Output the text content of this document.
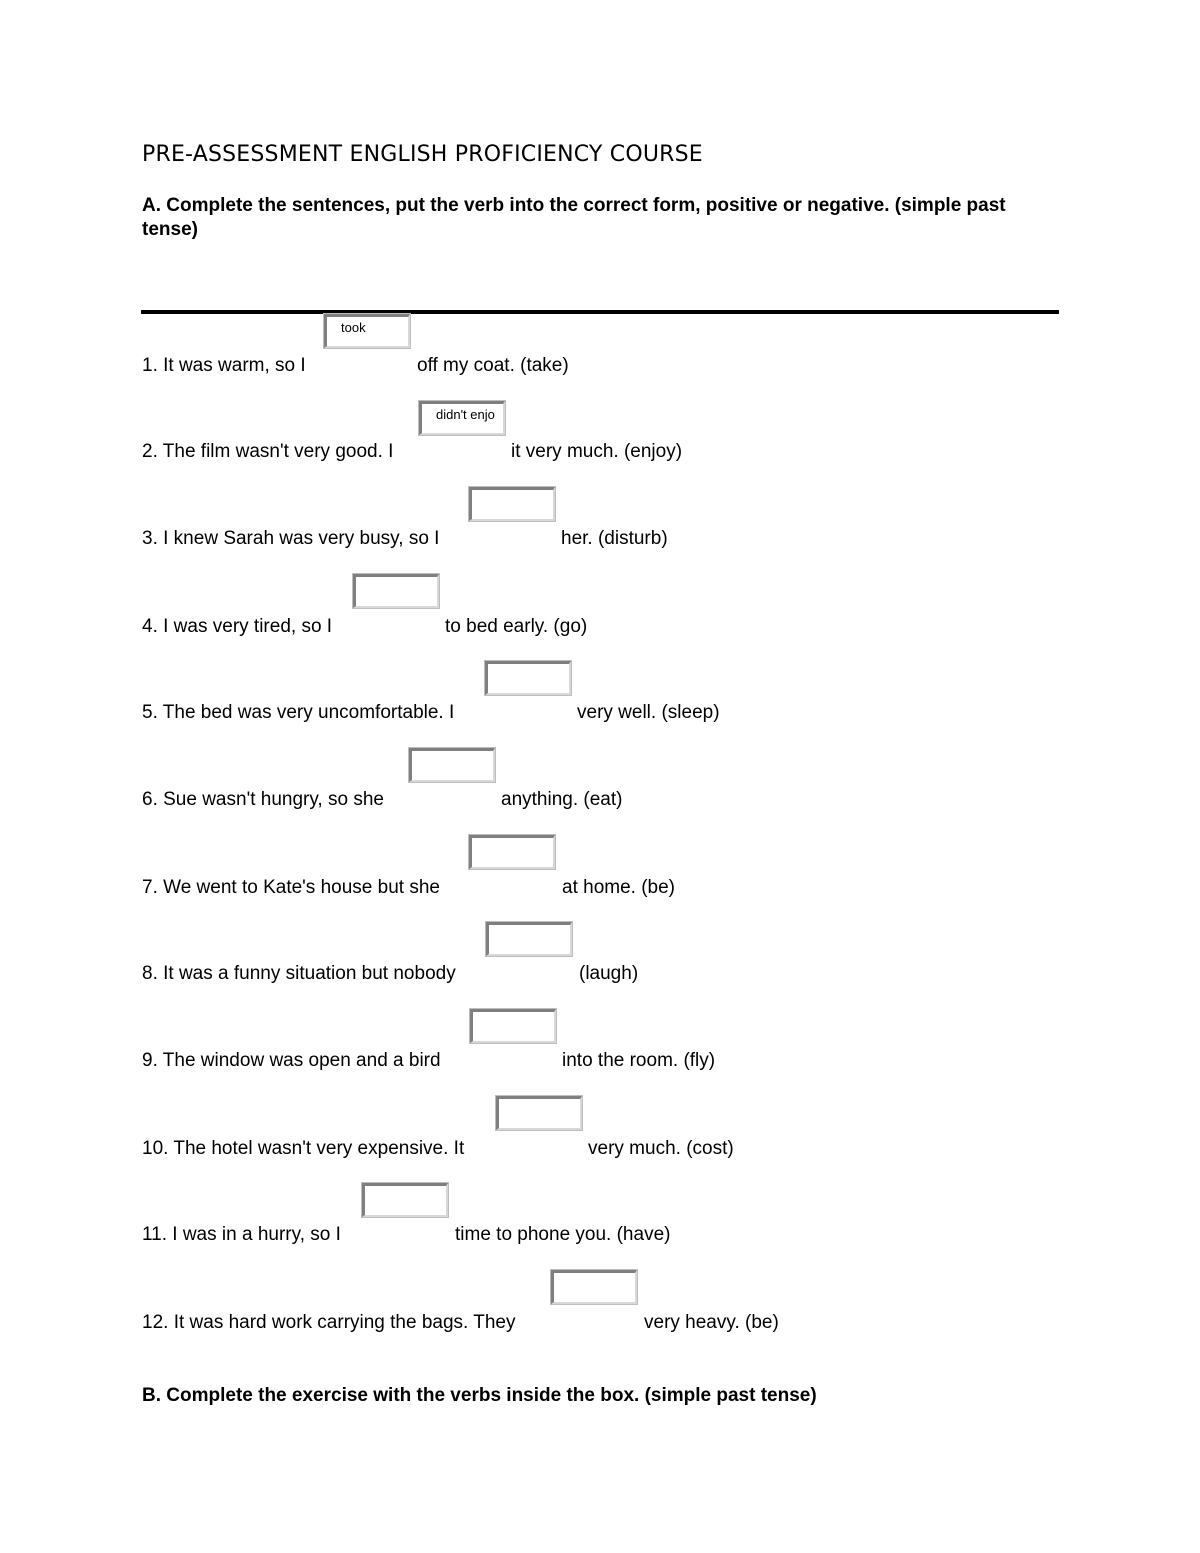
PRE-ASSESSMENT ENGLISH PROFICIENCY COURSE
A. Complete the sentences, put the verb into the correct form, positive or negative. (simple past tense)
took
1. It was warm, so I	off my coat. (take)
didn't enjo
2. The film wasn't very good. I	it very much. (enjoy)
3. I knew Sarah was very busy, so I	her. (disturb)
4. I was very tired, so I	to bed early. (go)
5. The bed was very uncomfortable. I	very well. (sleep)
6. Sue wasn't hungry, so she	anything. (eat)
7. We went to Kate's house but she	at home. (be)
8. It was a funny situation but nobody	(laugh)
9. The window was open and a bird	into the room. (fly)
10. The hotel wasn't very expensive. It	very much. (cost)
11. I was in a hurry, so I	time to phone you. (have)
12. It was hard work carrying the bags. They	very heavy. (be)
B. Complete the exercise with the verbs inside the box. (simple past tense)
